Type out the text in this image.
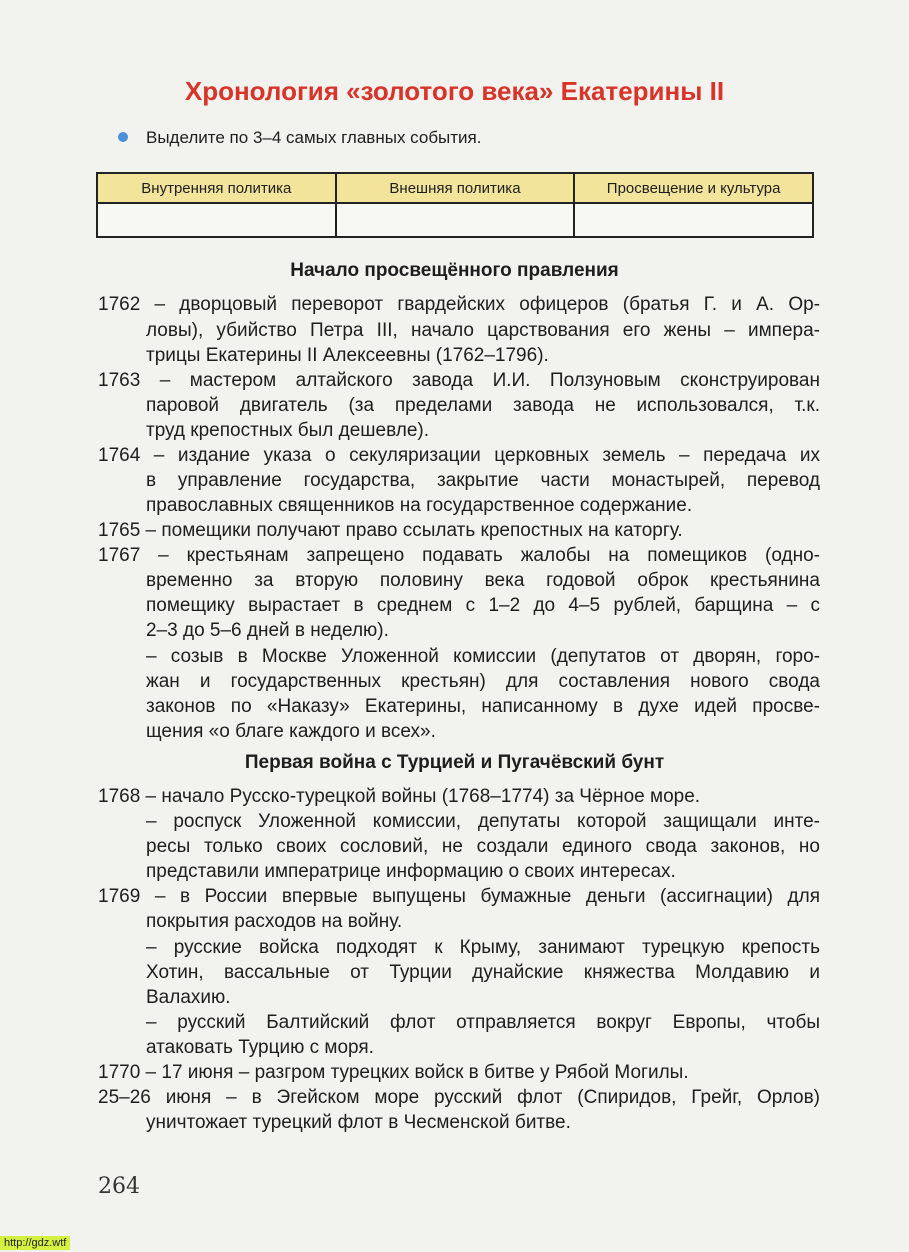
Хронология «золотого века» Екатерины II
Выделите по 3–4 самых главных события.
Внутренняя политика	Внешняя политика	Просвещение и культура

Начало просвещённого правления
1762 – дворцовый переворот гвардейских офицеров (братья Г. и А. Ор-
ловы), убийство Петра III, начало царствования его жены – импера-
трицы Екатерины II Алексеевны (1762–1796).
1763 – мастером алтайского завода И.И. Ползуновым сконструирован
паровой двигатель (за пределами завода не использовался, т.к.
труд крепостных был дешевле).
1764 – издание указа о секуляризации церковных земель – передача их
в управление государства, закрытие части монастырей, перевод
православных священников на государственное содержание.
1765 – помещики получают право ссылать крепостных на каторгу.
1767 – крестьянам запрещено подавать жалобы на помещиков (одно-
временно за вторую половину века годовой оброк крестьянина
помещику вырастает в среднем с 1–2 до 4–5 рублей, барщина – с
2–3 до 5–6 дней в неделю).
– созыв в Москве Уложенной комиссии (депутатов от дворян, горо-
жан и государственных крестьян) для составления нового свода
законов по «Наказу» Екатерины, написанному в духе идей просве-
щения «о благе каждого и всех».
Первая война с Турцией и Пугачёвский бунт
1768 – начало Русско-турецкой войны (1768–1774) за Чёрное море.
– роспуск Уложенной комиссии, депутаты которой защищали инте-
ресы только своих сословий, не создали единого свода законов, но
представили императрице информацию о своих интересах.
1769 – в России впервые выпущены бумажные деньги (ассигнации) для
покрытия расходов на войну.
– русские войска подходят к Крыму, занимают турецкую крепость
Хотин, вассальные от Турции дунайские княжества Молдавию и
Валахию.
– русский Балтийский флот отправляется вокруг Европы, чтобы
атаковать Турцию с моря.
1770 – 17 июня – разгром турецких войск в битве у Рябой Могилы.
25–26 июня – в Эгейском море русский флот (Спиридов, Грейг, Орлов)
уничтожает турецкий флот в Чесменской битве.
264
http://gdz.wtf
